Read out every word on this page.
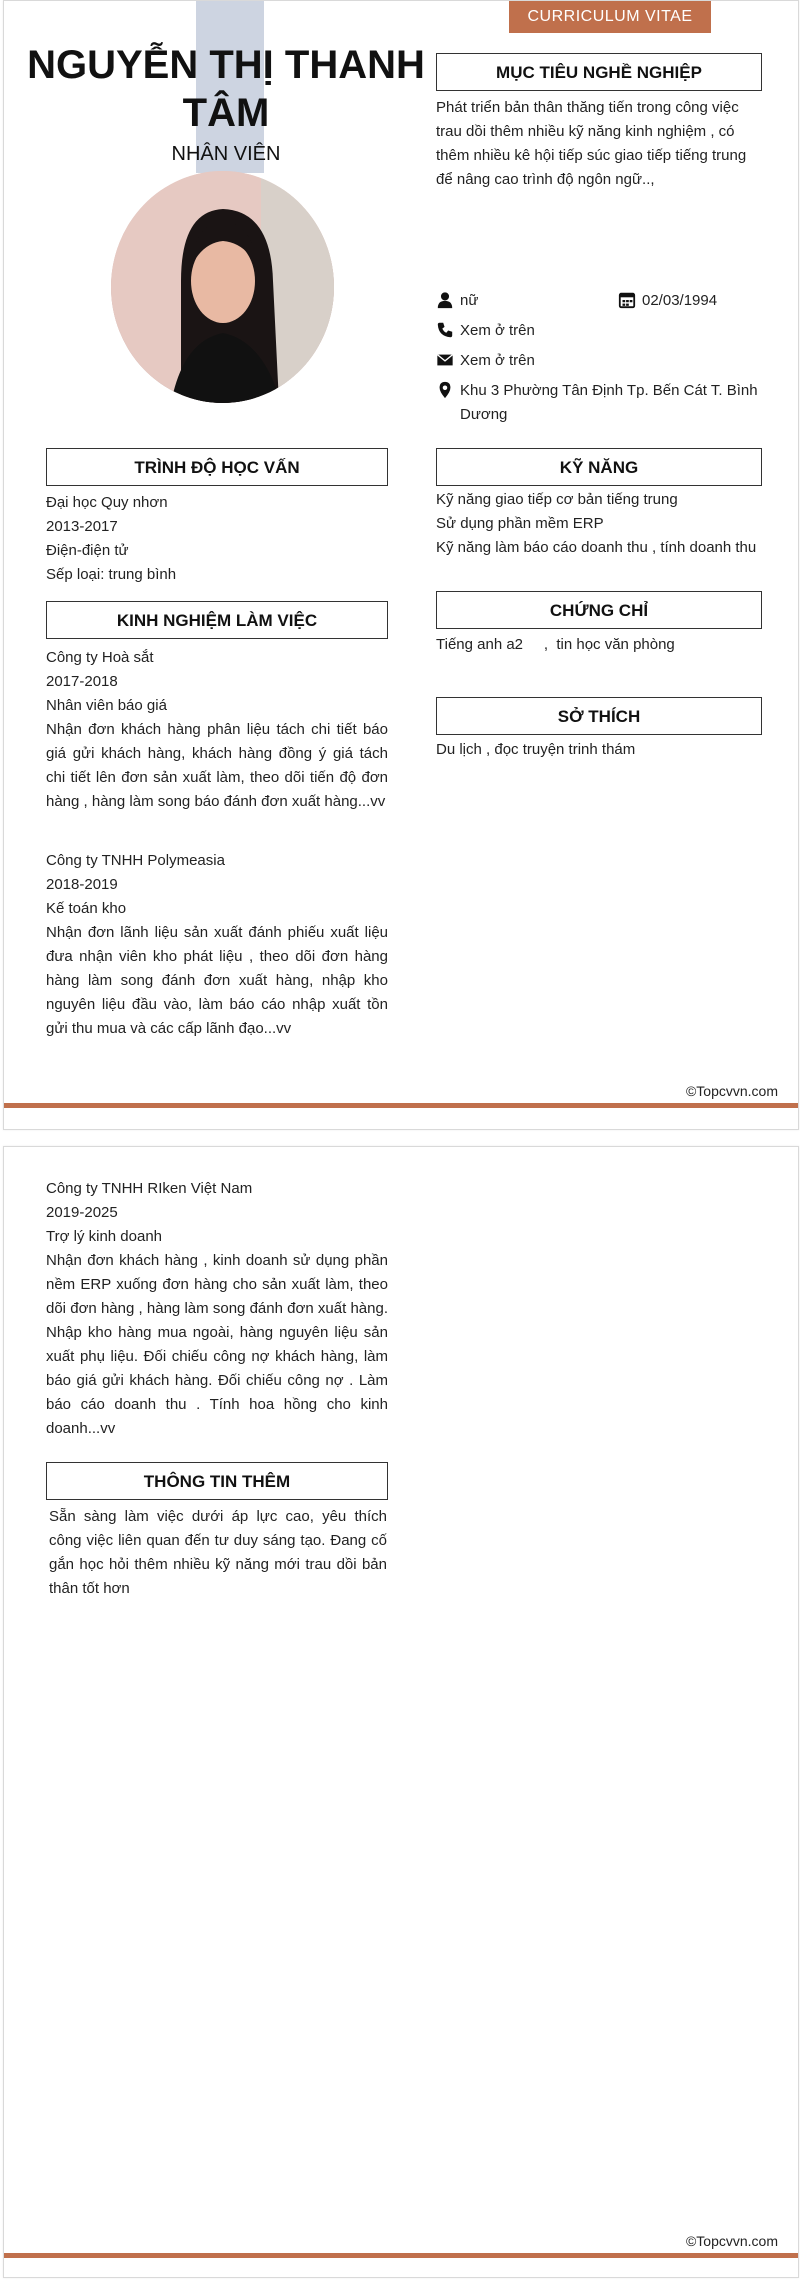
CURRICULUM VITAE
NGUYỄN THỊ THANH TÂM
NHÂN VIÊN
MỤC TIÊU NGHỀ NGHIỆP
Phát triển bản thân thăng tiến trong công việc trau dồi thêm nhiều kỹ năng kinh nghiệm , có thêm nhiều kê hội tiếp súc giao tiếp tiếng trung để nâng cao trình độ ngôn ngữ..,
nữ	02/03/1994
Xem ở trên
Xem ở trên
Khu 3 Phường Tân Định Tp. Bến Cát T. Bình Dương
TRÌNH ĐỘ HỌC VẤN

Đại học Quy nhơn

2013-2017

Điện-điện tử

Sếp loại: trung bình

KỸ NĂNG

Kỹ năng giao tiếp cơ bản tiếng trung

Sử dụng phần mềm ERP

Kỹ năng làm báo cáo doanh thu , tính doanh thu

CHỨNG CHỈ
Tiếng anh a2     ,  tin học văn phòng
SỞ THÍCH
Du lịch , đọc truyện trinh thám
KINH NGHIỆM LÀM VIỆC

Công ty Hoà sắt

2017-2018

Nhân viên báo giá

Nhận đơn khách hàng phân liệu tách chi tiết báo giá gửi khách hàng, khách hàng đồng ý giá tách chi tiết lên đơn sản xuất làm, theo dõi tiến độ đơn hàng , hàng làm song báo đánh đơn xuất hàng...vv

Công ty TNHH Polymeasia

2018-2019

Kế toán kho

Nhận đơn lãnh liệu sản xuất đánh phiếu xuất liệu đưa nhận viên kho phát liệu , theo dõi đơn hàng hàng làm song đánh đơn xuất hàng, nhập kho nguyên liệu đầu vào, làm báo cáo nhập xuất tồn gửi thu mua và các cấp lãnh đạo...vv

©Topcvvn.com

Công ty TNHH RIken Việt Nam

2019-2025

Trợ lý kinh doanh

Nhận đơn khách hàng , kinh doanh sử dụng phần nềm ERP xuống đơn hàng cho sản xuất làm, theo dõi đơn hàng , hàng làm song đánh đơn xuất hàng. Nhập kho hàng mua ngoài, hàng nguyên liệu sản xuất phụ liệu. Đối chiếu công nợ khách hàng, làm báo giá gửi khách hàng. Đối chiếu công nợ . Làm báo cáo doanh thu . Tính hoa hồng cho kinh doanh...vv

THÔNG TIN THÊM
Sẵn sàng làm việc dưới áp lực cao, yêu thích công việc liên quan đến tư duy sáng tạo. Đang cố gắn học hỏi thêm nhiều kỹ năng mới trau dồi bản thân tốt hơn
©Topcvvn.com
